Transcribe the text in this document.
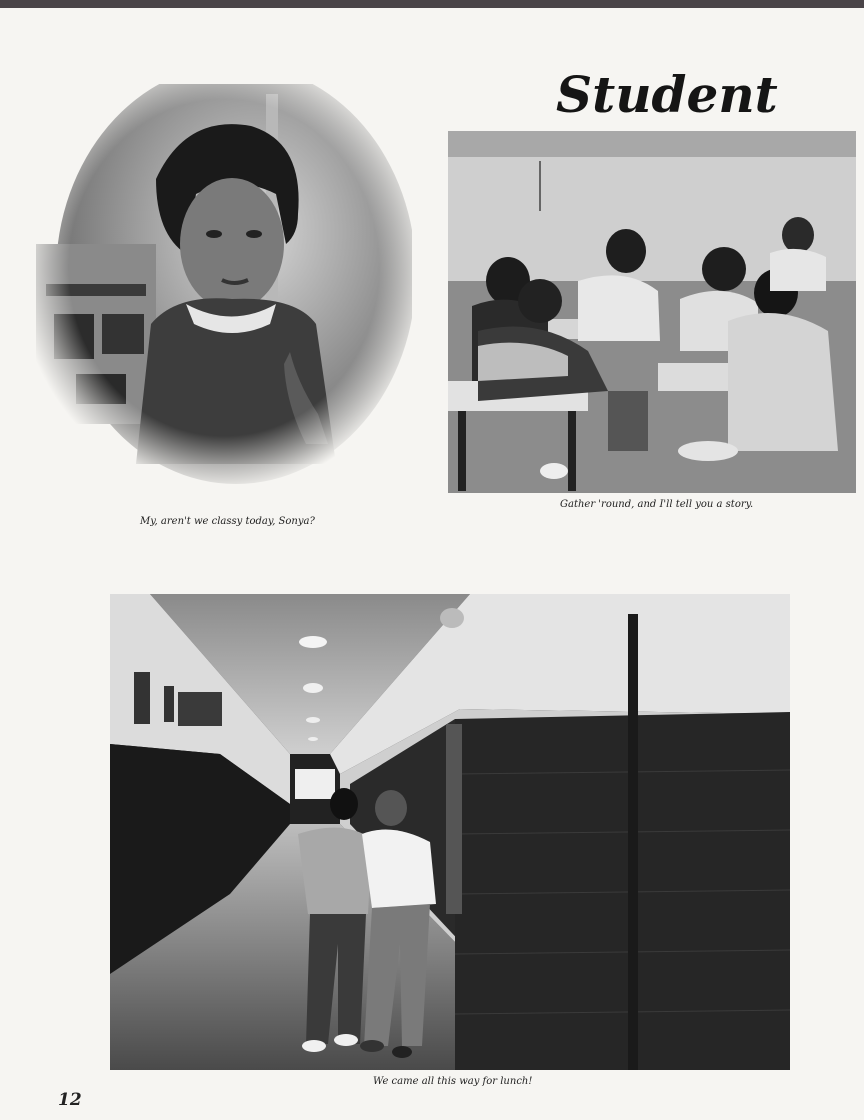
Student

My, aren't we classy today, Sonya?

Gather 'round, and I'll tell you a story.

We came all this way for lunch!

12
